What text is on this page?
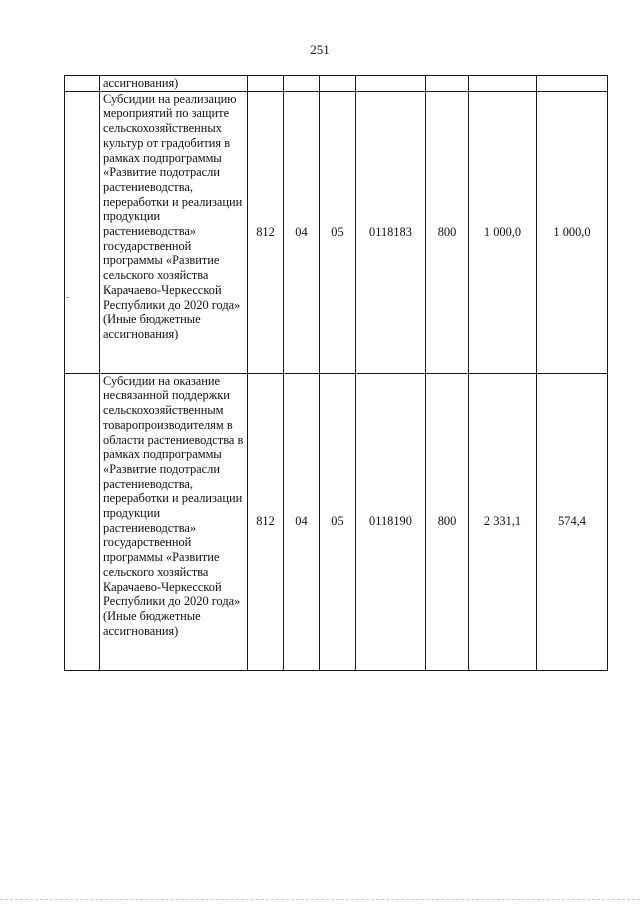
251
	ассигнования)							
	Субсидии на реализацию мероприятий по защите сельскохозяйственных культур от градобития в рамках подпрограммы «Развитие подотрасли растениеводства, переработки и реализации продукции растениеводства» государственной программы «Развитие сельского хозяйства Карачаево-Черкесской Республики до 2020 года» (Иные бюджетные ассигнования)	812	04	05	0118183	800	1 000,0	1 000,0
	Субсидии на оказание несвязанной поддержки сельскохозяйственным товаропроизводителям в области растениеводства в рамках подпрограммы «Развитие подотрасли растениеводства, переработки и реализации продукции растениеводства» государственной программы «Развитие сельского хозяйства Карачаево-Черкесской Республики до 2020 года» (Иные бюджетные ассигнования)	812	04	05	0118190	800	2 331,1	574,4
